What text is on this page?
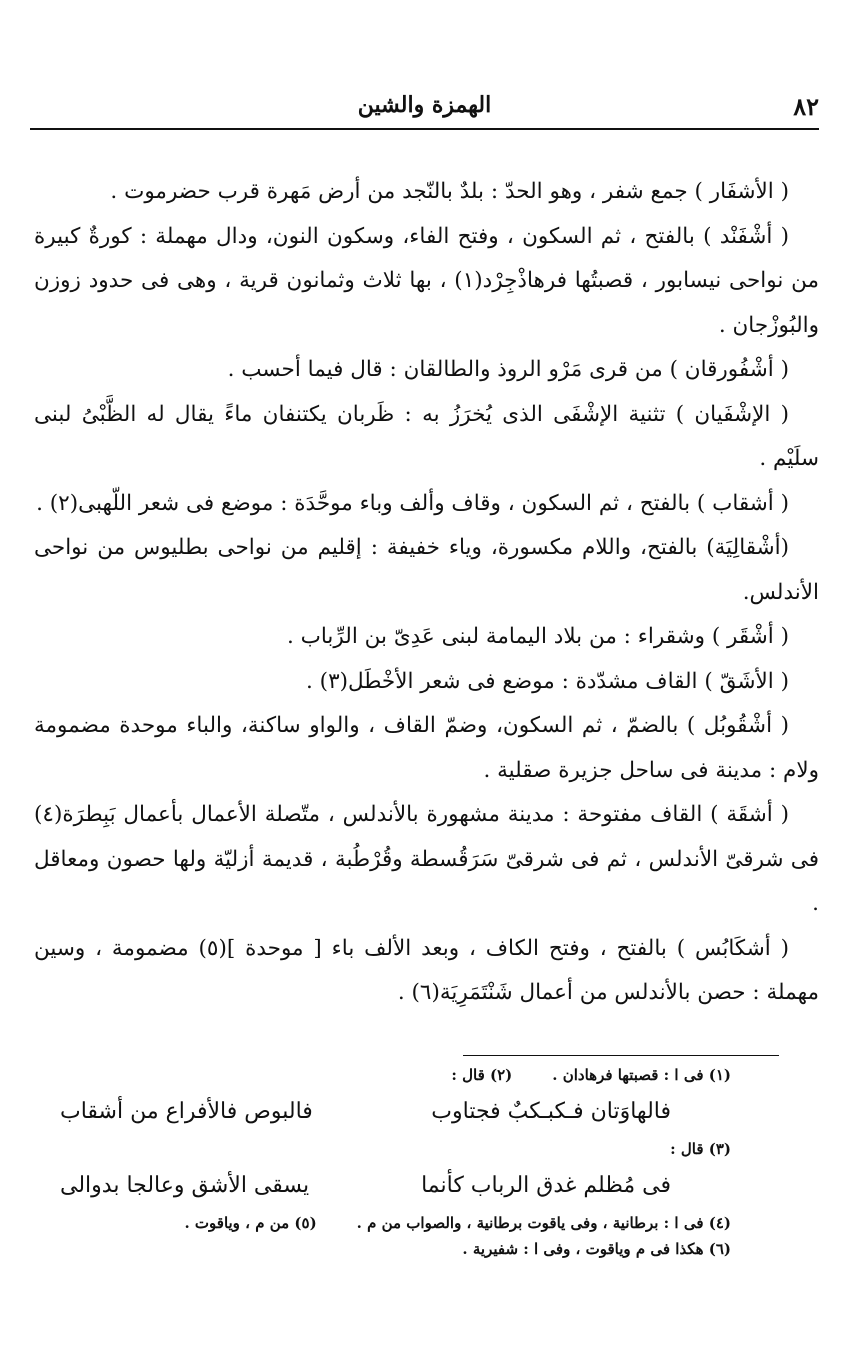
٨٢
الهمزة والشين

( الأشفَار ) جمع شفر ، وهو الحدّ : بلدٌ بالنّجد من أرض مَهرة قرب حضرموت .

( أشْفَنْد ) بالفتح ، ثم السكون ، وفتح الفاء، وسكون النون، ودال مهملة : كورةٌ كبيرة من نواحى نيسابور ، قصبتُها فرهاذْجِرْد(١) ، بها ثلاث وثمانون قرية ، وهى فى حدود زوزن والبُوزْجان .

( أشْفُورقان ) من قرى مَرْو الروذ والطالقان : قال فيما أحسب .

( الإشْفَيان ) تثنية الإشْفَى الذى يُخرَزُ به : ظَربان يكتنفان ماءً يقال له الظَّبْىُ لبنى سلَيْم .

( أشقاب ) بالفتح ، ثم السكون ، وقاف وألف وباء موحَّدَة : موضع فى شعر اللّهبى(٢) .

(أشْقالِيَة) بالفتح، واللام مكسورة، وياء خفيفة : إقليم من نواحى بطليوس من نواحى الأندلس.

( أشْقَر ) وشقراء : من بلاد اليمامة لبنى عَدِىّ بن الرِّباب .

( الأشَقّ ) القاف مشدّدة : موضع فى شعر الأخْطَل(٣) .

( أشْقُوبُل ) بالضمّ ، ثم السكون، وضمّ القاف ، والواو ساكنة، والباء موحدة مضمومة ولام : مدينة فى ساحل جزيرة صقلية .

( أشقَة ) القاف مفتوحة : مدينة مشهورة بالأندلس ، متّصلة الأعمال بأعمال بَبِطرَة(٤) فى شرقىّ الأندلس ، ثم فى شرقىّ سَرَقُسطة وقُرْطُبة ، قديمة أزليّة ولها حصون ومعاقل .

( أشكَابُس ) بالفتح ، وفتح الكاف ، وبعد الألف باء [ موحدة ](٥) مضمومة ، وسين مهملة : حصن بالأندلس من أعمال شَنْتَمَرِيَة(٦) .

(١) فى ا : قصبتها فرهادان .(٢) قال :
فالهاوَتان فـكبـكبٌ فجتاوب
فالبوص فالأفراع من أشقاب
(٣) قال :
فى مُظلم غدق الرباب كأنما
يسقى الأشق وعالجا بدوالى
(٤) فى ا : برطانية ، وفى ياقوت برطانية ، والصواب من م .(٥) من م ، وياقوت .
(٦) هكذا فى م وياقوت ، وفى ا : شفيرية .
